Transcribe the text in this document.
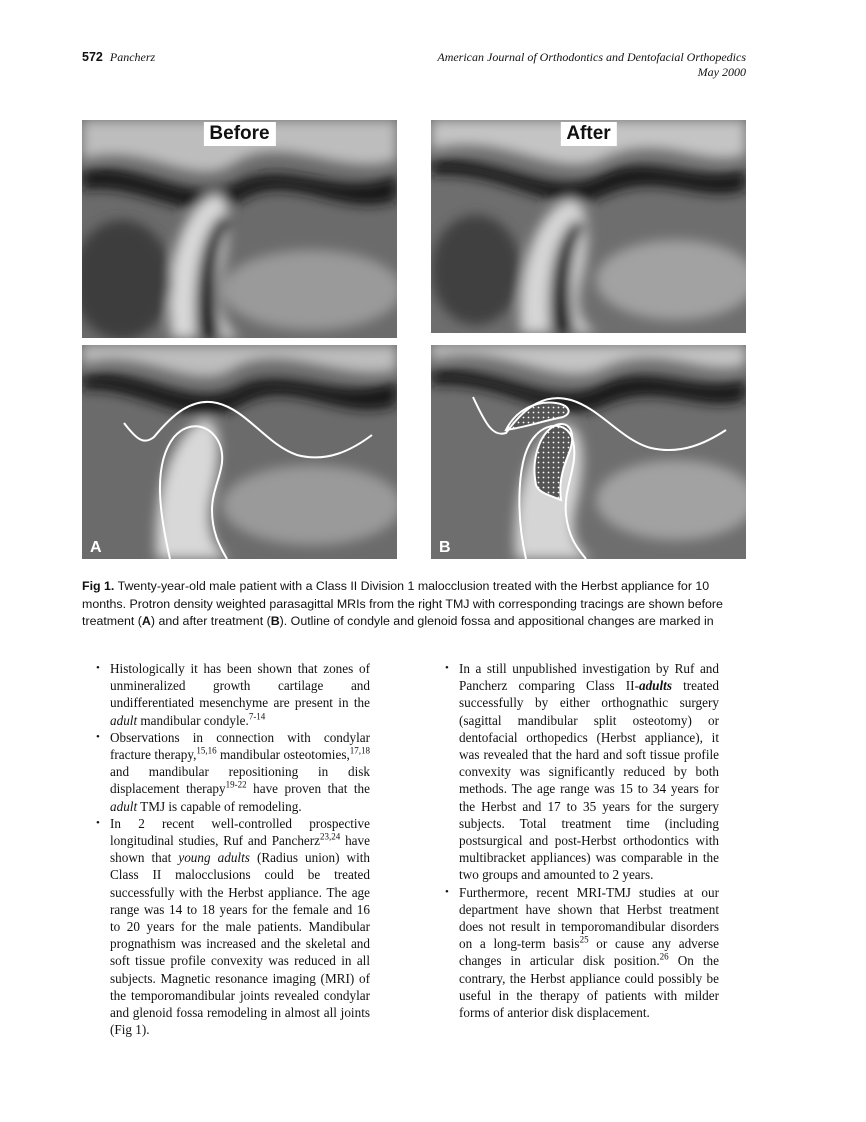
572 Pancherz	American Journal of Orthodontics and Dentofacial Orthopedics
May 2000
Before	After
A	B
Fig 1. Twenty-year-old male patient with a Class II Division 1 malocclusion treated with the Herbst appliance for 10 months. Protron density weighted parasagittal MRIs from the right TMJ with corresponding tracings are shown before treatment (A) and after treatment (B). Outline of condyle and glenoid fossa and appositional changes are marked in
• Histologically it has been shown that zones of unmineralized growth cartilage and undifferentiated mesenchyme are present in the adult mandibular condyle.$^{7-14}$
• Observations in connection with condylar fracture therapy,$^{15,16}$ mandibular osteotomies,$^{17,18}$ and mandibular repositioning in disk displacement therapy$^{19-22}$ have proven that the adult TMJ is capable of remodeling.
• In 2 recent well-controlled prospective longitudinal studies, Ruf and Pancherz$^{23,24}$ have shown that young adults (Radius union) with Class II malocclusions could be treated successfully with the Herbst appliance. The age range was 14 to 18 years for the female and 16 to 20 years for the male patients. Mandibular prognathism was increased and the skeletal and soft tissue profile convexity was reduced in all subjects. Magnetic resonance imaging (MRI) of the temporomandibular joints revealed condylar and glenoid fossa remodeling in almost all joints (Fig 1).
• In a still unpublished investigation by Ruf and Pancherz comparing Class II-adults treated successfully by either orthognathic surgery (sagittal mandibular split osteotomy) or dentofacial orthopedics (Herbst appliance), it was revealed that the hard and soft tissue profile convexity was significantly reduced by both methods. The age range was 15 to 34 years for the Herbst and 17 to 35 years for the surgery subjects. Total treatment time (including postsurgical and post-Herbst orthodontics with multibracket appliances) was comparable in the two groups and amounted to 2 years.
• Furthermore, recent MRI-TMJ studies at our department have shown that Herbst treatment does not result in temporomandibular disorders on a long-term basis$^{25}$ or cause any adverse changes in articular disk position.$^{26}$ On the contrary, the Herbst appliance could possibly be useful in the therapy of patients with milder forms of anterior disk displacement.
